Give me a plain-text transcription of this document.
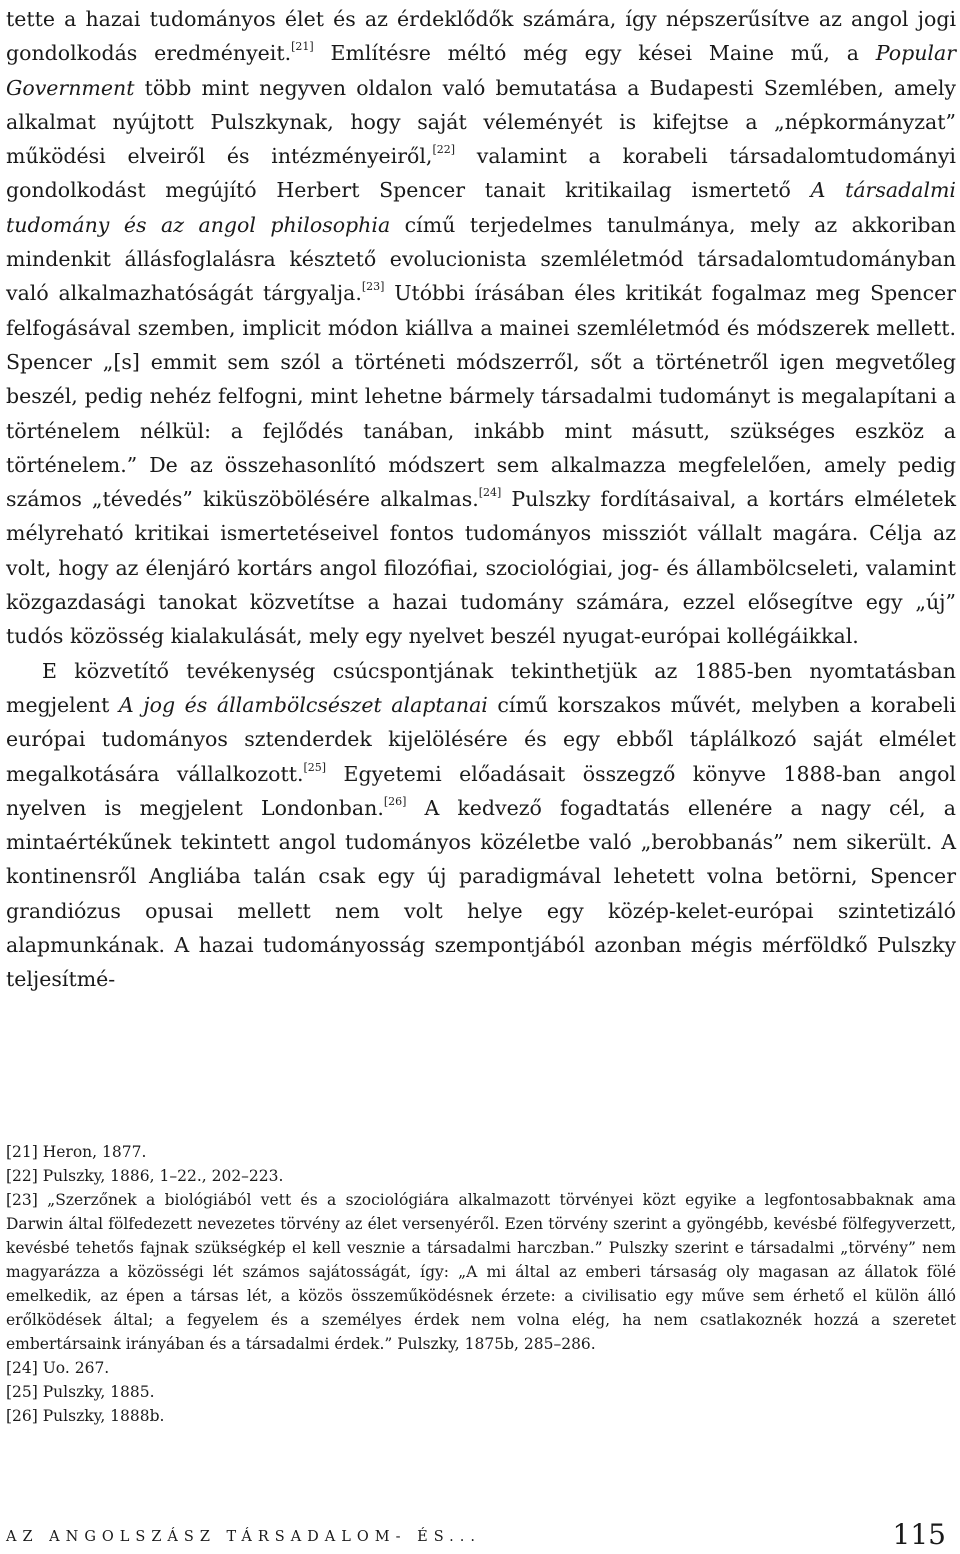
tette a hazai tudományos élet és az érdeklődők számára, így népszerűsítve az angol jogi gondolkodás eredményeit.[21] Említésre méltó még egy kései Maine mű, a Popular Government több mint negyven oldalon való bemutatása a Budapesti Szemlében, amely alkalmat nyújtott Pulszkynak, hogy saját véleményét is kifejtse a „népkormányzat” működési elveiről és intézményeiről,[22] valamint a korabeli társadalomtudományi gondolkodást megújító Herbert Spencer tanait kritikailag ismertető A társadalmi tudomány és az angol philosophia című terjedelmes tanulmánya, mely az akkoriban mindenkit állásfoglalásra késztető evolucionista szemléletmód társadalomtudományban való alkalmazhatóságát tárgyalja.[23] Utóbbi írásában éles kritikát fogalmaz meg Spencer felfogásával szemben, implicit módon kiállva a mainei szemléletmód és módszerek mellett. Spencer „[s] emmit sem szól a történeti módszerről, sőt a történetről igen megvetőleg beszél, pedig nehéz felfogni, mint lehetne bármely társadalmi tudományt is megalapítani a történelem nélkül: a fejlődés tanában, inkább mint másutt, szükséges eszköz a történelem.” De az összehasonlító módszert sem alkalmazza megfelelően, amely pedig számos „tévedés” kiküszöbölésére alkalmas.[24] Pulszky fordításaival, a kortárs elméletek mélyreható kritikai ismertetéseivel fontos tudományos missziót vállalt magára. Célja az volt, hogy az élenjáró kortárs angol filozófiai, szociológiai, jog- és állambölcseleti, valamint közgazdasági tanokat közvetítse a hazai tudomány számára, ezzel elősegítve egy „új” tudós közösség kialakulását, mely egy nyelvet beszél nyugat-európai kollégáikkal.

E közvetítő tevékenység csúcspontjának tekinthetjük az 1885-ben nyomtatásban megjelent A jog és állambölcsészet alaptanai című korszakos művét, melyben a korabeli európai tudományos sztenderdek kijelölésére és egy ebből táplálkozó saját elmélet megalkotására vállalkozott.[25] Egyetemi előadásait összegző könyve 1888-ban angol nyelven is megjelent Londonban.[26] A kedvező fogadtatás ellenére a nagy cél, a mintaértékűnek tekintett angol tudományos közéletbe való „berobbanás” nem sikerült. A kontinensről Angliába talán csak egy új paradigmával lehetett volna betörni, Spencer grandiózus opusai mellett nem volt helye egy közép-kelet-európai szintetizáló alapmunkának. A hazai tudományosság szempontjából azonban mégis mérföldkő Pulszky teljesítmé-

[21] Heron, 1877.

[22] Pulszky, 1886, 1–22., 202–223.

[23] „Szerzőnek a biológiából vett és a szociológiára alkalmazott törvényei közt egyike a legfontosabbaknak ama Darwin által fölfedezett nevezetes törvény az élet versenyéről. Ezen törvény szerint a gyöngébb, kevésbé fölfegyverzett, kevésbé tehetős fajnak szükségkép el kell vesznie a társadalmi harczban.” Pulszky szerint e társadalmi „törvény” nem magyarázza a közösségi lét számos sajátosságát, így: „A mi által az emberi társaság oly magasan az állatok fölé emelkedik, az épen a társas lét, a közös összeműködésnek érzete: a civilisatio egy műve sem érhető el külön álló erőlködések által; a fegyelem és a személyes érdek nem volna elég, ha nem csatlakoznék hozzá a szeretet embertársaink irányában és a társadalmi érdek.” Pulszky, 1875b, 285–286.

[24] Uo. 267.

[25] Pulszky, 1885.

[26] Pulszky, 1888b.

AZ ANGOLSZÁSZ TÁRSADALOM- ÉS...	115
